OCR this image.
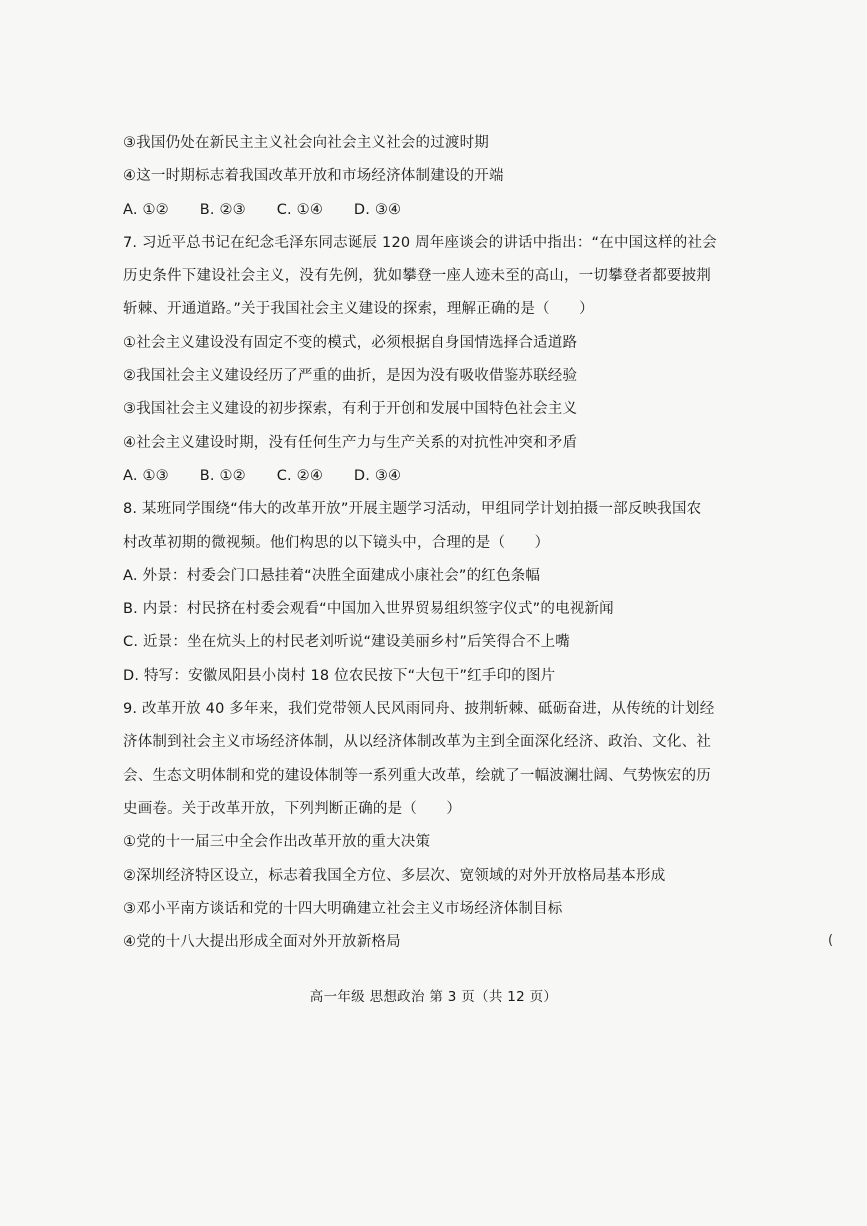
③我国仍处在新民主主义社会向社会主义社会的过渡时期
④这一时期标志着我国改革开放和市场经济体制建设的开端
A. ①② B. ②③ C. ①④ D. ③④
7. 习近平总书记在纪念毛泽东同志诞辰 120 周年座谈会的讲话中指出：“在中国这样的社会
历史条件下建设社会主义，没有先例，犹如攀登一座人迹未至的高山，一切攀登者都要披荆
斩棘、开通道路。”关于我国社会主义建设的探索，理解正确的是（　　）
①社会主义建设没有固定不变的模式，必须根据自身国情选择合适道路
②我国社会主义建设经历了严重的曲折，是因为没有吸收借鉴苏联经验
③我国社会主义建设的初步探索，有利于开创和发展中国特色社会主义
④社会主义建设时期，没有任何生产力与生产关系的对抗性冲突和矛盾
A. ①③ B. ①② C. ②④ D. ③④
8. 某班同学围绕“伟大的改革开放”开展主题学习活动，甲组同学计划拍摄一部反映我国农
村改革初期的微视频。他们构思的以下镜头中，合理的是（　　）
A. 外景：村委会门口悬挂着“决胜全面建成小康社会”的红色条幅
B. 内景：村民挤在村委会观看“中国加入世界贸易组织签字仪式”的电视新闻
C. 近景：坐在炕头上的村民老刘听说“建设美丽乡村”后笑得合不上嘴
D. 特写：安徽凤阳县小岗村 18 位农民按下“大包干”红手印的图片
9. 改革开放 40 多年来，我们党带领人民风雨同舟、披荆斩棘、砥砺奋进，从传统的计划经
济体制到社会主义市场经济体制，从以经济体制改革为主到全面深化经济、政治、文化、社
会、生态文明体制和党的建设体制等一系列重大改革，绘就了一幅波澜壮阔、气势恢宏的历
史画卷。关于改革开放，下列判断正确的是（　　）
①党的十一届三中全会作出改革开放的重大决策
②深圳经济特区设立，标志着我国全方位、多层次、宽领域的对外开放格局基本形成
③邓小平南方谈话和党的十四大明确建立社会主义市场经济体制目标
④党的十八大提出形成全面对外开放新格局	(
高一年级 思想政治 第 3 页（共 12 页）
